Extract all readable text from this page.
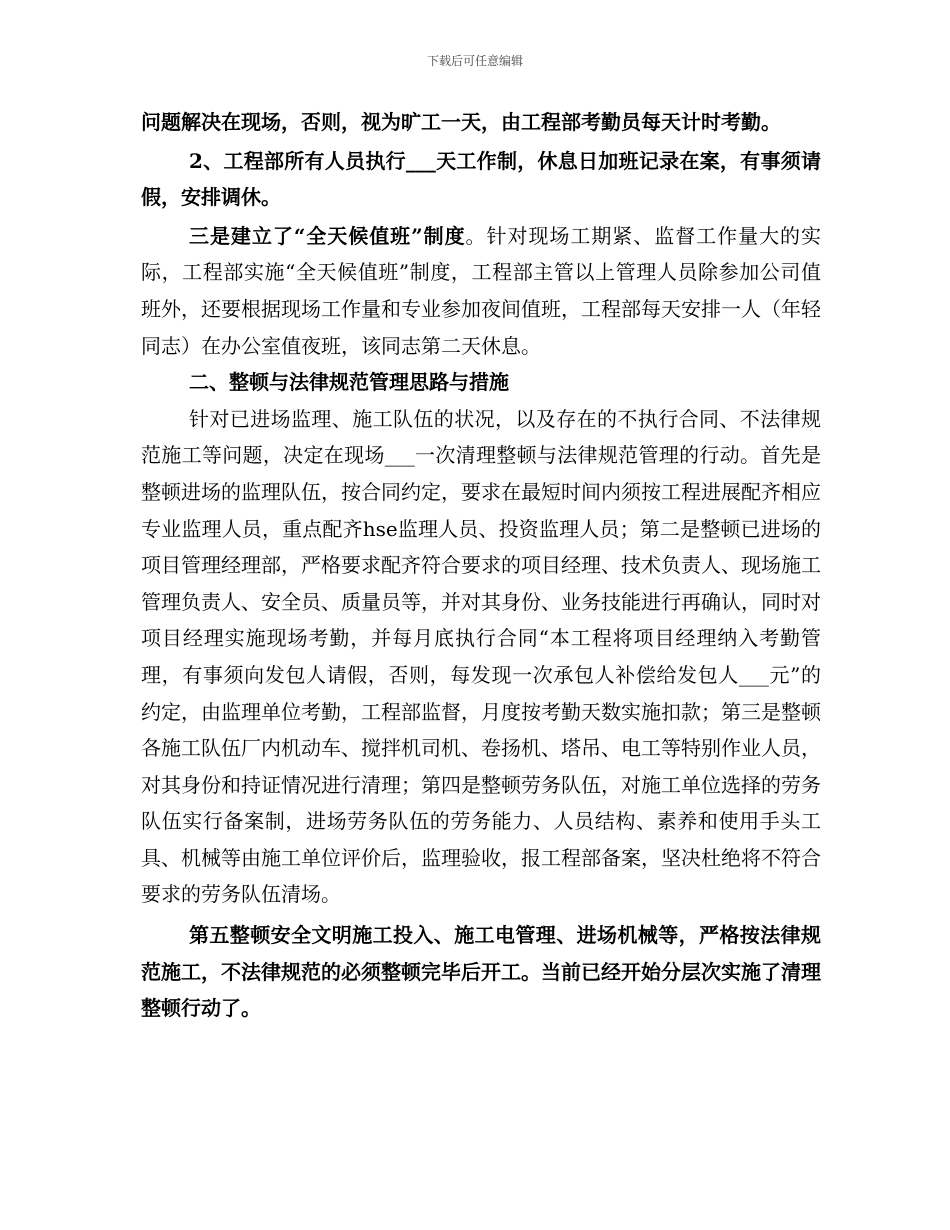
下载后可任意编辑

问题解决在现场，否则，视为旷工一天，由工程部考勤员每天计时考勤。

2、工程部所有人员执行___天工作制，休息日加班记录在案，有事须请假，安排调休。

三是建立了“全天候值班”制度。针对现场工期紧、监督工作量大的实际，工程部实施“全天候值班”制度，工程部主管以上管理人员除参加公司值班外，还要根据现场工作量和专业参加夜间值班，工程部每天安排一人（年轻同志）在办公室值夜班，该同志第二天休息。

二、整顿与法律规范管理思路与措施

针对已进场监理、施工队伍的状况，以及存在的不执行合同、不法律规范施工等问题，决定在现场___一次清理整顿与法律规范管理的行动。首先是整顿进场的监理队伍，按合同约定，要求在最短时间内须按工程进展配齐相应专业监理人员，重点配齐hse监理人员、投资监理人员；第二是整顿已进场的项目管理经理部，严格要求配齐符合要求的项目经理、技术负责人、现场施工管理负责人、安全员、质量员等，并对其身份、业务技能进行再确认，同时对项目经理实施现场考勤，并每月底执行合同“本工程将项目经理纳入考勤管理，有事须向发包人请假，否则，每发现一次承包人补偿给发包人___元”的约定，由监理单位考勤，工程部监督，月度按考勤天数实施扣款；第三是整顿各施工队伍厂内机动车、搅拌机司机、卷扬机、塔吊、电工等特别作业人员，对其身份和持证情况进行清理；第四是整顿劳务队伍，对施工单位选择的劳务队伍实行备案制，进场劳务队伍的劳务能力、人员结构、素养和使用手头工具、机械等由施工单位评价后，监理验收，报工程部备案，坚决杜绝将不符合要求的劳务队伍清场。

第五整顿安全文明施工投入、施工电管理、进场机械等，严格按法律规范施工，不法律规范的必须整顿完毕后开工。当前已经开始分层次实施了清理整顿行动了。
